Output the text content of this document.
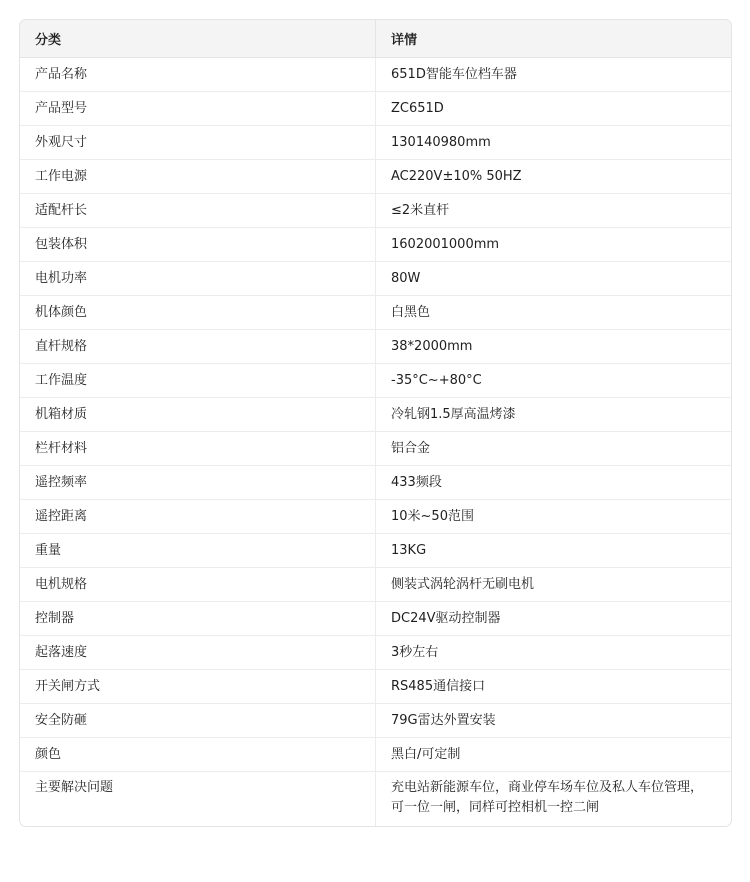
分类	详情
产品名称	651D智能车位档车器
产品型号	ZC651D
外观尺寸	130140980mm
工作电源	AC220V±10% 50HZ
适配杆长	≤2米直杆
包装体积	1602001000mm
电机功率	80W
机体颜色	白黑色
直杆规格	38*2000mm
工作温度	-35°C~+80°C
机箱材质	冷轧钢1.5厚高温烤漆
栏杆材料	铝合金
遥控频率	433频段
遥控距离	10米~50范围
重量	13KG
电机规格	侧装式涡轮涡杆无刷电机
控制器	DC24V驱动控制器
起落速度	3秒左右
开关闸方式	RS485通信接口
安全防砸	79G雷达外置安装
颜色	黑白/可定制
主要解决问题	充电站新能源车位，商业停车场车位及私人车位管理，可一位一闸，同样可控相机一控二闸
